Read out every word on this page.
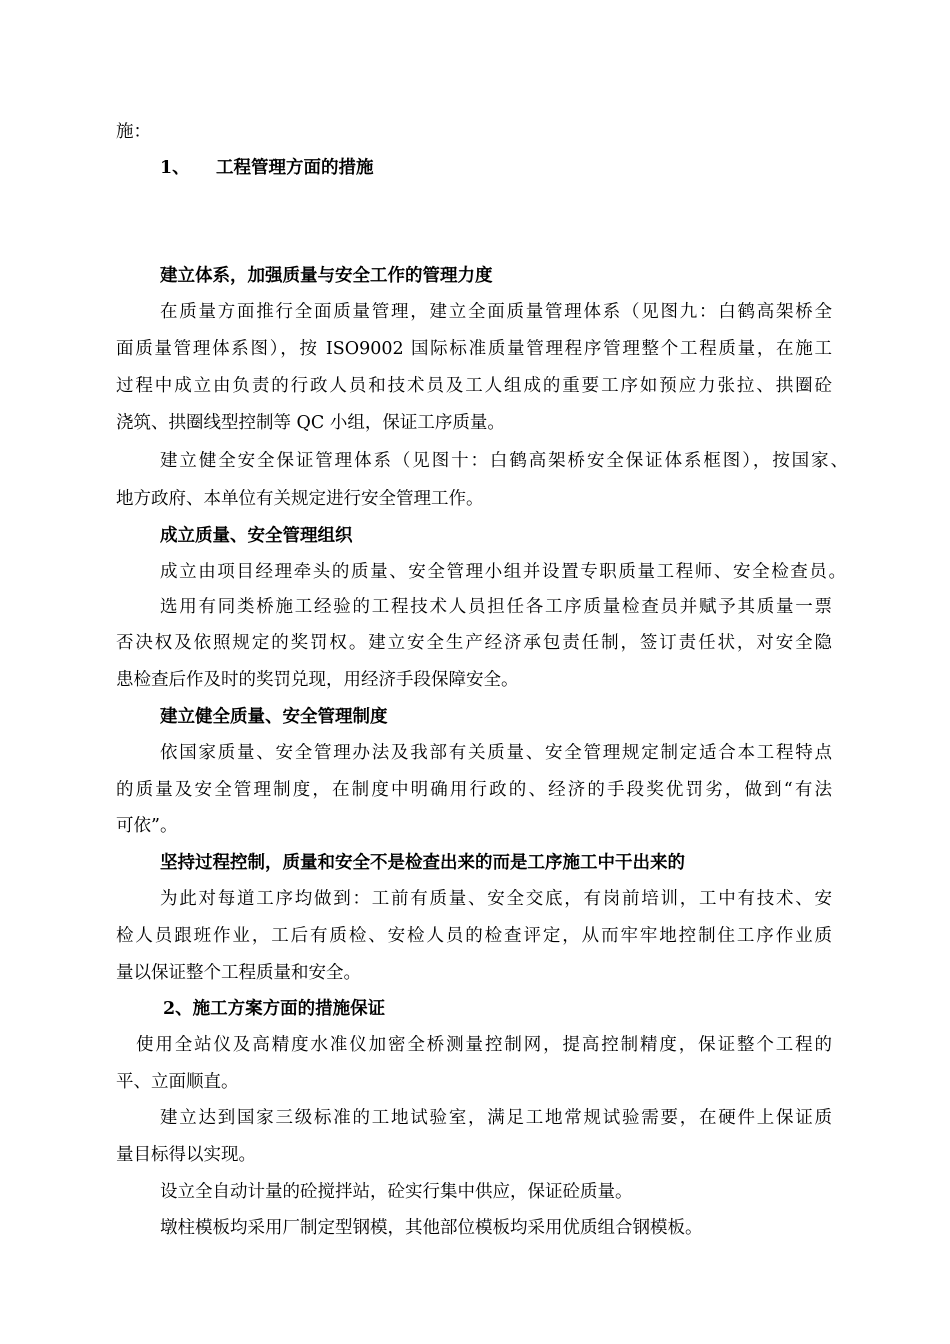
施：
1、 工程管理方面的措施
建立体系，加强质量与安全工作的管理力度
在质量方面推行全面质量管理，建立全面质量管理体系（见图九：白鹤高架桥全
面质量管理体系图），按 ISO9002 国际标准质量管理程序管理整个工程质量，在施工
过程中成立由负责的行政人员和技术员及工人组成的重要工序如预应力张拉、拱圈砼
浇筑、拱圈线型控制等 QC 小组，保证工序质量。
建立健全安全保证管理体系（见图十：白鹤高架桥安全保证体系框图），按国家、
地方政府、本单位有关规定进行安全管理工作。
成立质量、安全管理组织
成立由项目经理牵头的质量、安全管理小组并设置专职质量工程师、安全检查员。
选用有同类桥施工经验的工程技术人员担任各工序质量检查员并赋予其质量一票
否决权及依照规定的奖罚权。建立安全生产经济承包责任制，签订责任状，对安全隐
患检查后作及时的奖罚兑现，用经济手段保障安全。
建立健全质量、安全管理制度
依国家质量、安全管理办法及我部有关质量、安全管理规定制定适合本工程特点
的质量及安全管理制度，在制度中明确用行政的、经济的手段奖优罚劣，做到“有法
可依”。
坚持过程控制，质量和安全不是检查出来的而是工序施工中干出来的
为此对每道工序均做到：工前有质量、安全交底，有岗前培训，工中有技术、安
检人员跟班作业，工后有质检、安检人员的检查评定，从而牢牢地控制住工序作业质
量以保证整个工程质量和安全。
2、施工方案方面的措施保证
使用全站仪及高精度水准仪加密全桥测量控制网，提高控制精度，保证整个工程的
平、立面顺直。
建立达到国家三级标准的工地试验室，满足工地常规试验需要，在硬件上保证质
量目标得以实现。
设立全自动计量的砼搅拌站，砼实行集中供应，保证砼质量。
墩柱模板均采用厂制定型钢模，其他部位模板均采用优质组合钢模板。
